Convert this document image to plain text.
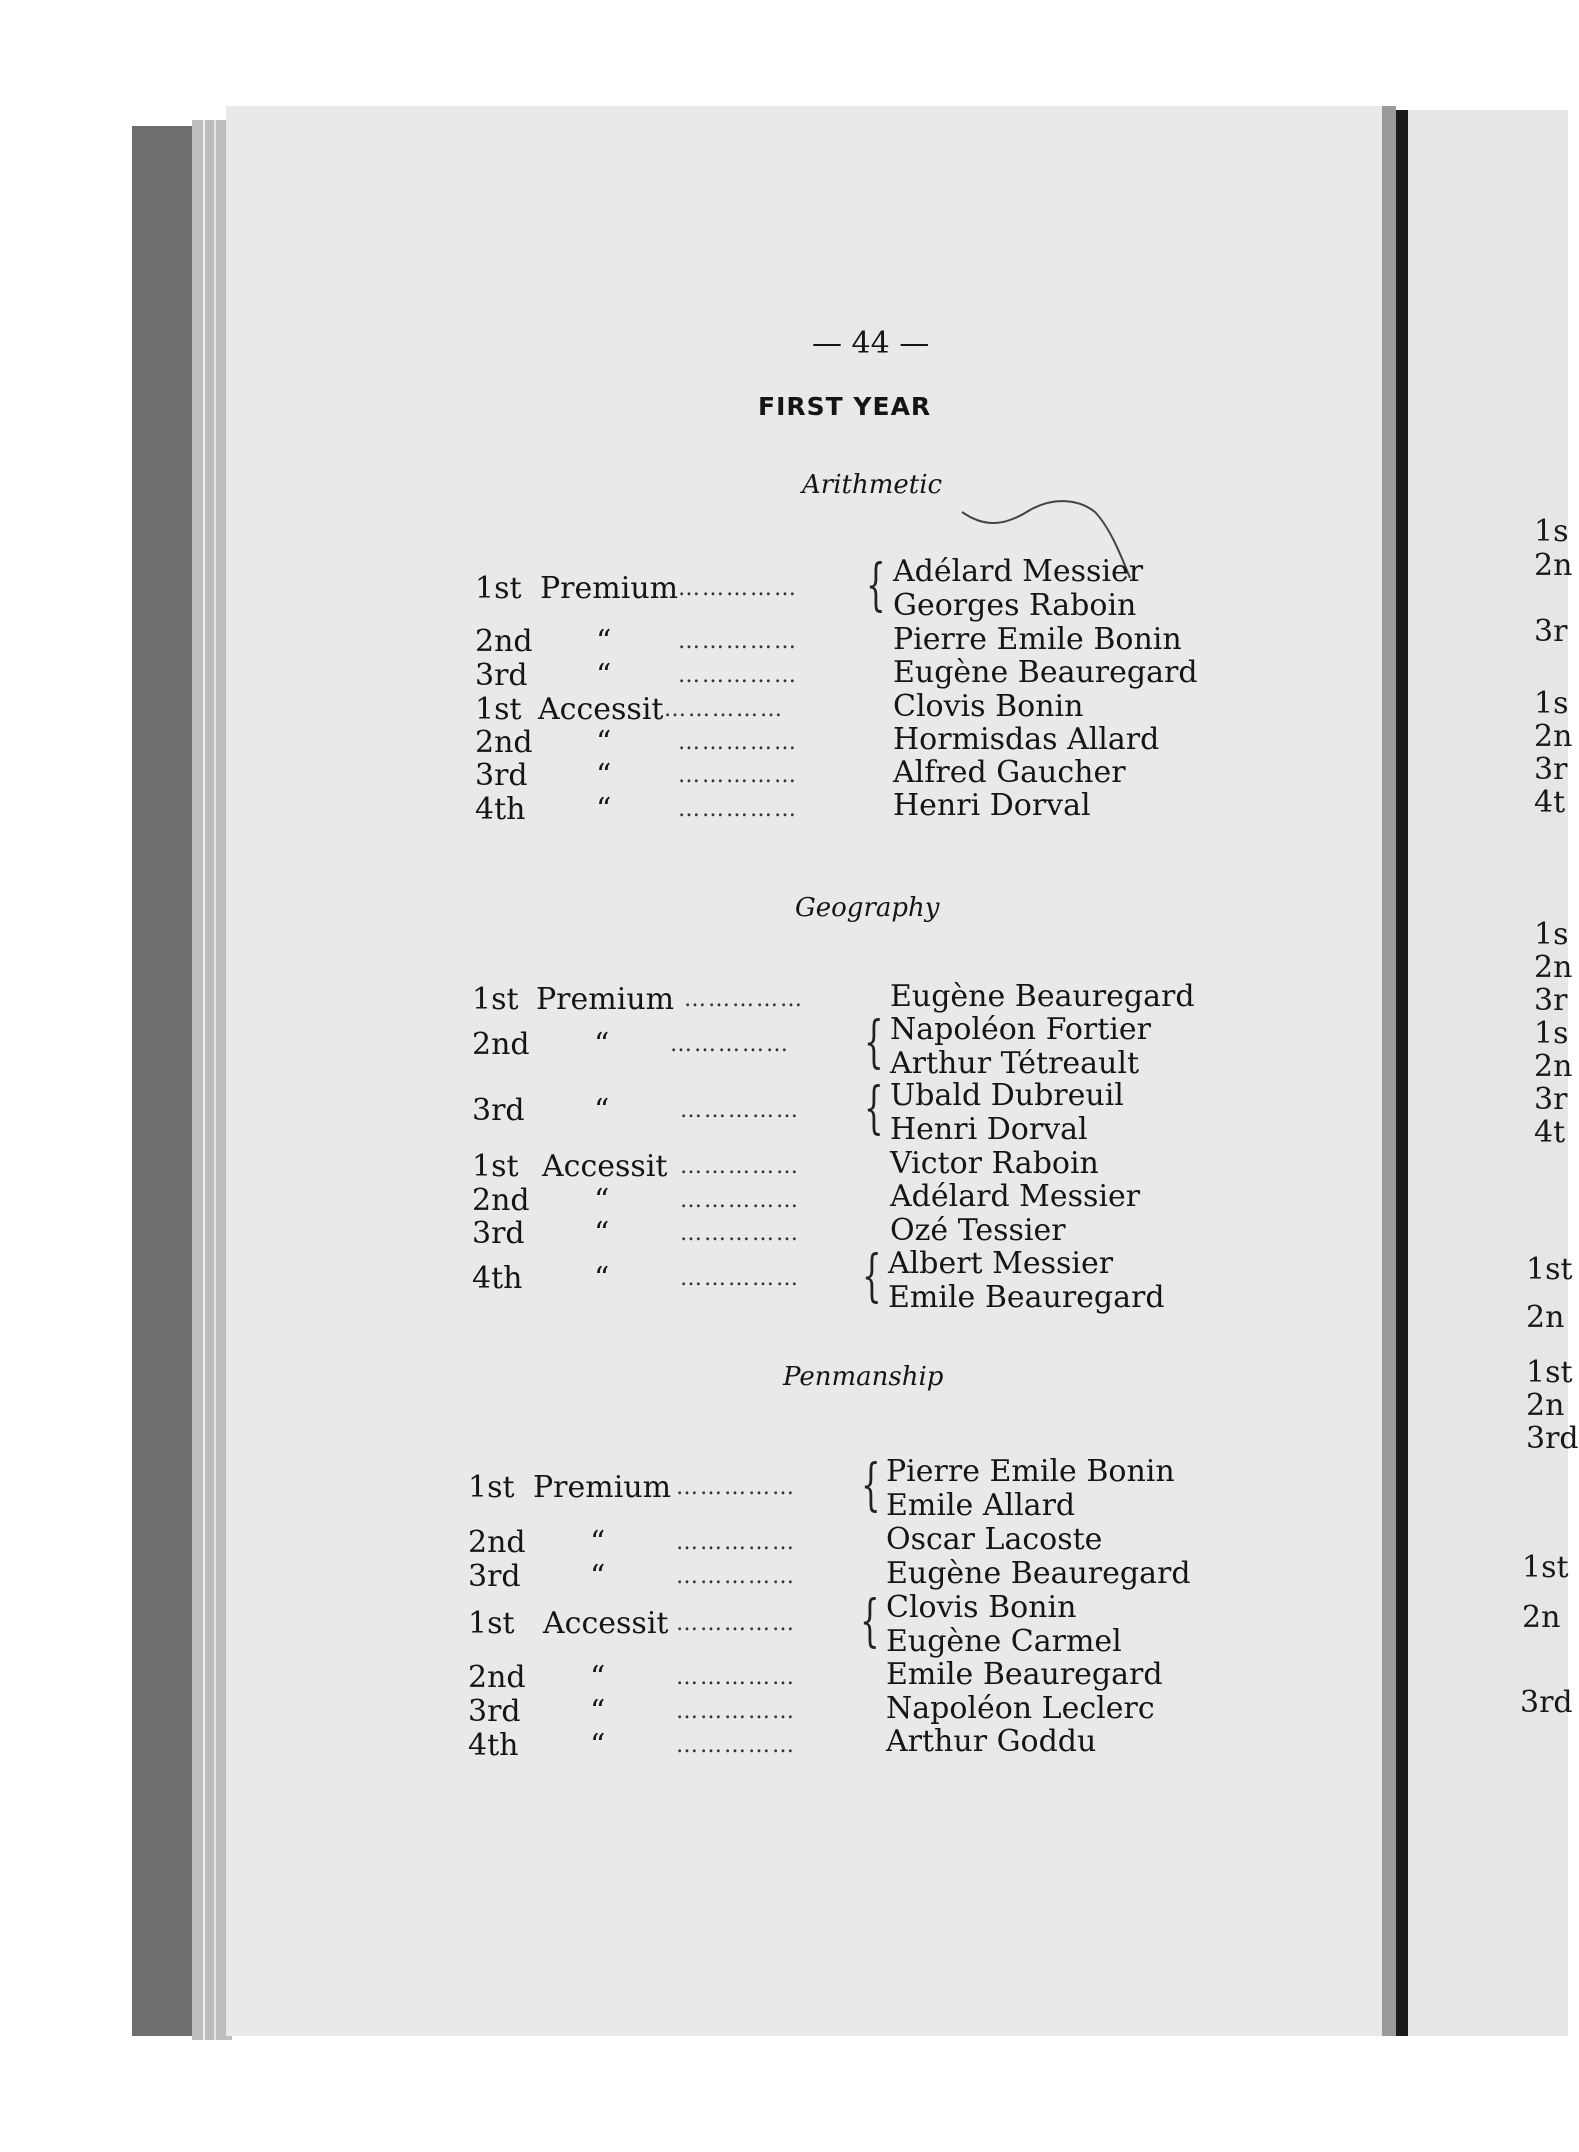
— 44 —
FIRST YEAR
Arithmetic
1st Premium …………… { Adélard Messier
Georges Raboin
2nd “	……………	Pierre Emile Bonin
3rd “	……………	Eugène Beauregard
1st Accessit ……………	Clovis Bonin
2nd “	……………	Hormisdas Allard
3rd “	……………	Alfred Gaucher
4th “	……………	Henri Dorval
Geography
1st Premium ……………	Eugène Beauregard
2nd “	…………… { Napoléon Fortier
Arthur Tétreault
3rd “	…………… { Ubald Dubreuil
Henri Dorval
1st Accessit ……………	Victor Raboin
2nd “	……………	Adélard Messier
3rd “	……………	Ozé Tessier
4th “	…………… { Albert Messier
Emile Beauregard
Penmanship
1st Premium …………… { Pierre Emile Bonin
Emile Allard
2nd “	……………	Oscar Lacoste
3rd “	……………	Eugène Beauregard
1st Accessit …………… { Clovis Bonin
Eugène Carmel
2nd “	……………	Emile Beauregard
3rd “	……………	Napoléon Leclerc
4th “	……………	Arthur Goddu
1s
2n
3r
1s
2n
3r
4t
1s
2n
3r
1s
2n
3r
4t
1st
2n
1st
2n
3rd
1st
2n
3rd
